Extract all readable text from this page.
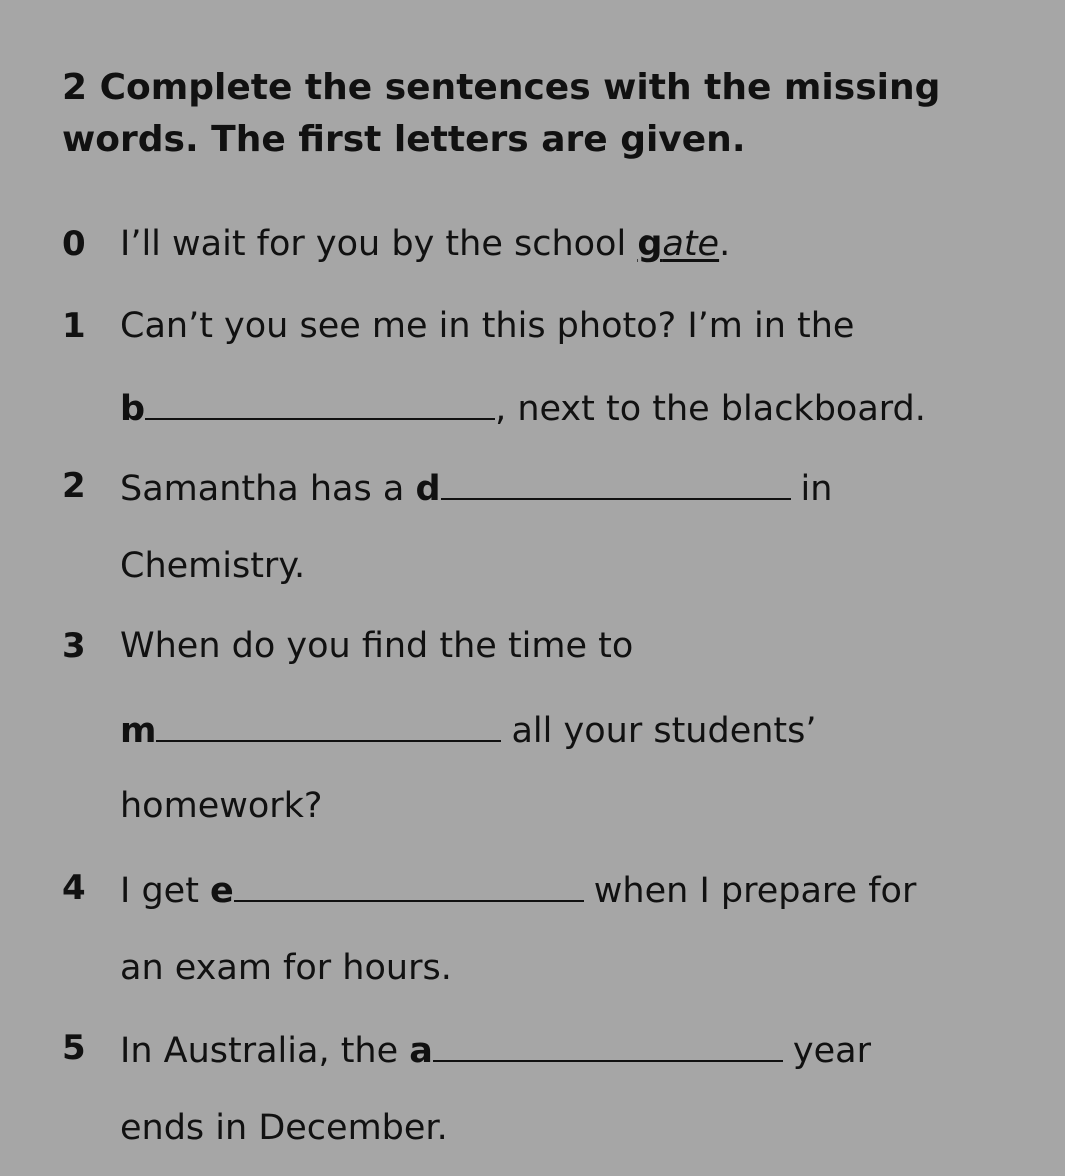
2 Complete the sentences with the missing words. The first letters are given.

0 I’ll wait for you by the school gate.
1 Can’t you see me in this photo? I’m in the
b	, next to the blackboard.
2 Samantha has a d	in
Chemistry.
3 When do you find the time to
m	all your students’
homework?
4 I get e	when I prepare for
an exam for hours.
5 In Australia, the a	year
ends in December.
